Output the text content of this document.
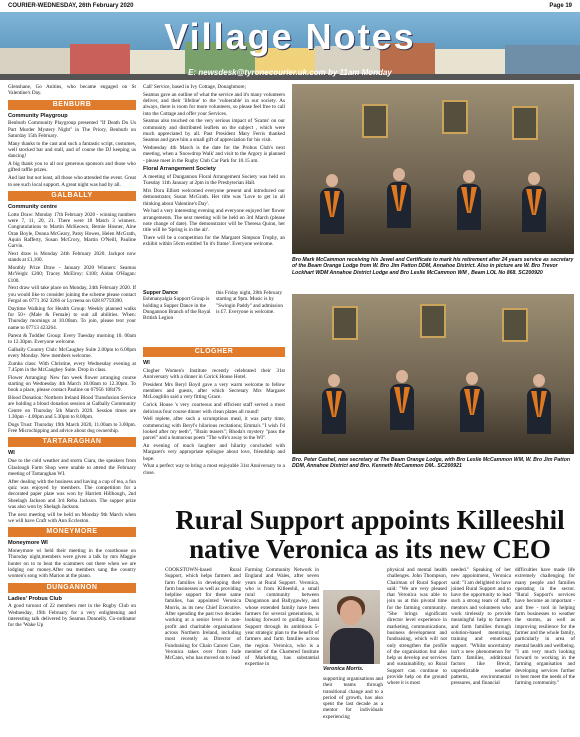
COURIER-WEDNESDAY, 26th February 2020	Page 19
Village Notes
E: newsdesk@tyronecourier.uk.com by 11am Monday

Glenshane, Go Anitins, who became engaged on St Valentine's Day.

BENBURB

Community Playgroup

Benburb Community Playgroup presented "If Death Do Us Part Murder Mystery Night" in The Priory, Benburb on Saturday 15th February.

Many thanks to the cast and such a fantastic script, costumes, well stocked bar and stall, and of course the DJ keeping us dancing!

A big thank you to all our generous sponsors and those who gifted raffle prizes.

And last but not least, all those who attended the event. Great to see such local support. A great night was had by all.

GALBALLY

Community centre

Lotto Draw: Monday 17th February 2020 - winning numbers were 7, 11, 20, 21. There were 18 Match 3 winners. Congratulations to Martin McKeown, Bernie Hosner, Aine Oran Boyle, Donna McGeary, Patsy Howes, Helen McGrath, Aquin Rafferty, Susan McCrory, Martin O'Neill, Pauline Garvin.

Next draw is Monday 24th February 2020. Jackpot now stands at £1,100.

Monthly Prize Draw - January 2020 Winners: Seamus McVeigh: £200; Tracey McElroy: £100; Aidan O'Hagan: £100.

Next draw will take place on Monday, 24th February 2020. If you would like to consider joining the scheme please contact Fergal on 0771 362 3266 or Lyceena on 028 87759390.

Daytime Walking for Health Group: Weekly planned walks for 50+ (Male & Female) to suit all abilities. When: Thursday mornings at 10.00am. To join, please text your name to 07713 423264.

Parent & Toddler Group: Every Tuesday morning 10. 00am to 12.30pm. Everyone welcome.

Galbally Country Club: McCaughey Suite 2.00pm to 6.00pm every Monday. New members welcome.

Zumba class: With Christine, every Wednesday evening at 7.45pm in the McCaughey Suite. Drop in class.

Flower Arranging: New fun week flower arranging course starting on Wednesday 4th March 10.00am to 12.30pm. To book a place, please contact Pauline on 07956 108479.

Blood Donation: Northern Ireland Blood Transfusion Service are holding a blood donation session at Galbally Community Centre on Thursday 5th March 2020. Session times are 1.30pm - 4.00pm and 5.30pm to 8.00pm.

Dogs Trust: Thursday 19th March 2020, 11.00am to 3.00pm. Free Microchipping and advice about dog ownership.

TARTARAGHAN

WI

Due to the cold weather and storm Ciara, the speakers from Glaslough Farm Shop were unable to attend the February meeting of Tartaraghan WI.

After dealing with the business and having a cup of tea, a fun quiz was enjoyed by members. The competition for a decorated paper plate was won by Harriett Hillhough, 2nd Sheelagh Jackson and 3rd Reba Jackson. The supper prize was also won by Shelagh Jackson.

The next meeting will be held on Monday 9th March when we will have Craft with Ann Eccleston.

MONEYMORE

Moneymore WI

Moneymore wi held their meeting in the courthouse on Thursday night,members were given a talk by mrs Maggie hunter on to to beat the scammers out there when we are lodging our money.After tea members sang the country women's song with Marion at the piano.

DUNGANNON

Ladies' Probus Club

A good turnout of 22 members met in the Rugby Club on Wednesday, 19th February for a very enlightening and interesting talk delivered by Seamus Donnelly. Co-ordinator for the 'Wake Up

Call' Service, based in Ivy Cottage, Donaghmore;

Seamus gave an outline of what the service and it's many volunteers deliver, and their 'lifeline' to the 'vulnerable' in our society. As always, there is room for more volunteers, so please feel free to call into the Cottage and offer your Services.

Seamus also touched on the very serious impact of 'Scams' on our community and distributed leaflets on the subject , which were much appreciated by all. Past President Mary Ferris thanked Seamus and gave him a small gift of appreciation for his visit.

Wednesday 4th March is the date for the Probus Club's next meeting, when a 'Snowdrop Walk' and visit to the Argory is planned - please meet in the Rugby Club Car Park for 10.15 am.

Floral Arrangement Society

A meeting of Dungannon Floral Arrangement Society was held on Tuesday 11th January at 2pm in the Presbyterian Hall.

Mrs Dora Elliott welcomed everyone present and introduced our demonstrator, Susan McGrath. Her title was 'Love to get in all thinking about Valentine's Day'.

We had a very interesting evening and everyone enjoyed her flower arrangements. The next meeting will be held on 3rd March (please note change of date). The demonstrator will be Theresa Quinn, her title will be 'Spring is in the air'.

There will be a competition for the Margaret Simpson Trophy, an exhibit within 56cm entitled 'In it's frame'. Everyone welcome.

Supper Dance

Eshmanyalgia Support Group is holding a Supper Dance in the Dungannon Branch of the Royal British Legion

this Friday night, 28th February starting at 9pm. Music is by "Swingin Paddy" and admission is £7. Everyone is welcome.

CLOGHER

WI

Clogher Women's Institute recently celebrated their 31st Anniversary with a dinner in Corick House Hotel.

President Mrs Beryl Boyd gave a very warm welcome to fellow members and guests, after which Secretary Mrs Margaret McLoughlin said a very fitting Grace.

Corick House 's very courteous and efficient staff served a most delicious four course dinner with clean plates all round!

Well replete, after such a scrumptious meal, it was party time, commencing with Beryl's hilarious recitations; Emma's "I wish I'd looked after my teeth", "Brain teasers"; Rhoda's mystery "pass the parcel" and a humorous poem "The wife's away to the WI".

An evening of much laughter and hilarity concluded with Margaret's very appropriate epilogue about love, friendship and hope.

What a perfect way to bring a most enjoyable 31st Anniversary to a close.

Bro Mark McCammon receiving his Jewel and Certificate to mark his retirement after 24 years service as secretary of the Beam Orange Lodge from W. Bro Jim Patton DDM, Annahoe District. Also in picture are W. Bro Trevor Lockhart WDM Annahoe District Lodge and Bro Leslie McCammon WM , Beam LOL No 868. SC200920
Bro. Peter Cashel, new secretary at The Beam Orange Lodge, with Bro Leslie McCammon WM, W. Bro Jim Patton DDM, Annahoe District and Bro. Kenneth McCammon DM.. SC200921
Rural Support appoints Killeeshil native Veronica as its new CEO

COOKSTOWN-based Rural Support, which helps farmers and farm families in developing their farm businesses as well as providing helpline support for these same families, has appointed Veronica Morris, as its new Chief Executive. After spending the past two decades working at a senior level in non-profit and charitable organisations across Northern Ireland, including most recently as Director of Fundraising for Chain Cancer Care, Veronica takes over from Jude McCann, who has moved on to lead

Farming Community Network in England and Wales, after seven years at Rural Support. Veronica, who is from Killeeshil, a small rural community between Dungannon and Ballygawley, and whose extended family have been farmers for several generations, is looking forward to guiding Rural Support through its ambitious 5-year strategic plan to the benefit of farmers and farm families across the region. Veronica, who is a member of the Chartered Institute of Marketing, has substantial expertise in

Veronica Morris.

supporting organisations and their teams through transitional change and to a period of growth, has also spent the last decade as a mentor for individuals experiencing

physical and mental health challenges. John Thompson, Chairman of Rural Support said: "We are very pleased that Veronica was able to join us at this pivotal time for the farming community. "She brings significant director level experience in marketing, communications, business development and fundraising, which will not only strengthen the profile of the organisation but also help us develop our services and sustainability, so Rural Support can continue to provide help on the ground where it is most

needed." Speaking of her new appointment, Veronica said: "I am delighted to have joined Rural Support and to have the opportunity to lead such a strong team of staff, mentors and volunteers who work tirelessly to provide meaningful help to farmers and farm families through solution-based mentoring, training and emotional support. "Whilst uncertainty isn't a new phenomenon for farm families, additional factors like Brexit, unpredictable weather patterns, environmental pressures, and financial

difficulties have made life extremely challenging for many people and families operating in the sector. "Rural Support's services have become an important - and free - tool in helping farm businesses to weather the storms, as well as improving resilience for the farmer and the whole family, particularly in area of mental health and wellbeing. "I am very much looking forward to working in the farming organisation and developing services further to best meet the needs of the farming community."
